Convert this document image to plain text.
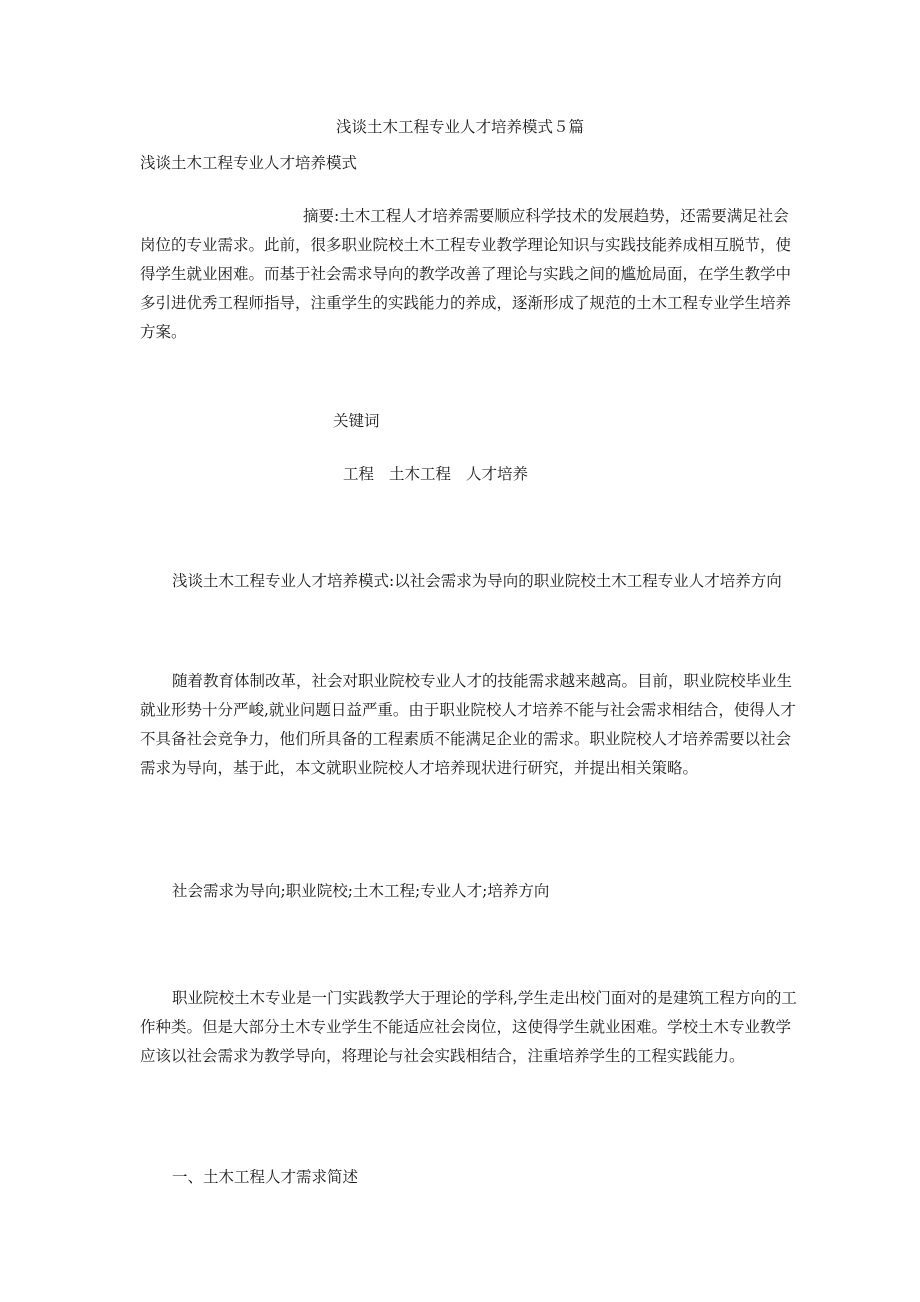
浅谈土木工程专业人才培养模式５篇

浅谈土木工程专业人才培养模式

摘要:土木工程人才培养需要顺应科学技术的发展趋势，还需要满足社会岗位的专业需求。此前，很多职业院校土木工程专业教学理论知识与实践技能养成相互脱节，使得学生就业困难。而基于社会需求导向的教学改善了理论与实践之间的尴尬局面，在学生教学中多引进优秀工程师指导，注重学生的实践能力的养成，逐渐形成了规范的土木工程专业学生培养方案。

关键词

工程 土木工程 人才培养

浅谈土木工程专业人才培养模式:以社会需求为导向的职业院校土木工程专业人才培养方向

随着教育体制改革，社会对职业院校专业人才的技能需求越来越高。目前，职业院校毕业生就业形势十分严峻,就业问题日益严重。由于职业院校人才培养不能与社会需求相结合，使得人才不具备社会竞争力，他们所具备的工程素质不能满足企业的需求。职业院校人才培养需要以社会需求为导向，基于此，本文就职业院校人才培养现状进行研究，并提出相关策略。

社会需求为导向;职业院校;土木工程;专业人才;培养方向

职业院校土木专业是一门实践教学大于理论的学科,学生走出校门面对的是建筑工程方向的工作种类。但是大部分土木专业学生不能适应社会岗位，这使得学生就业困难。学校土木专业教学应该以社会需求为教学导向，将理论与社会实践相结合，注重培养学生的工程实践能力。

一、土木工程人才需求简述
